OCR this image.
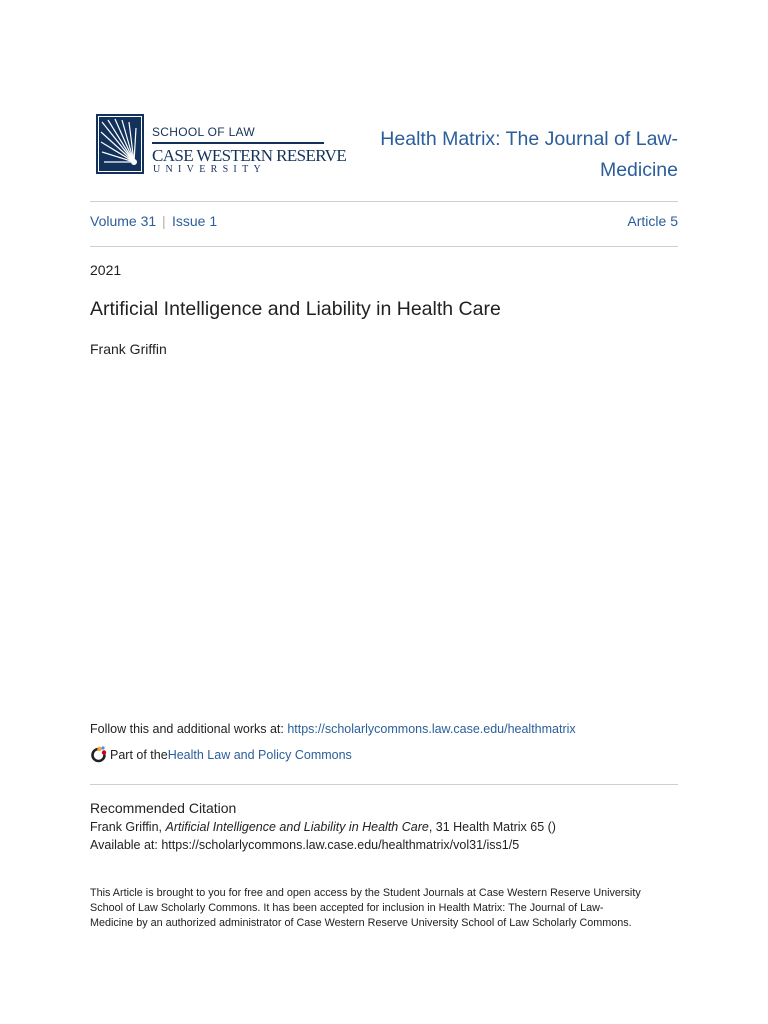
SCHOOL OF LAW
CASE WESTERN RESERVE
UNIVERSITY
Health Matrix: The Journal of Law-
Medicine
Volume 31 | Issue 1	Article 5
2021
Artificial Intelligence and Liability in Health Care
Frank Griffin
Follow this and additional works at: https://scholarlycommons.law.case.edu/healthmatrix
Part of the Health Law and Policy Commons
Recommended Citation
Frank Griffin, Artificial Intelligence and Liability in Health Care, 31 Health Matrix 65 ()
Available at: https://scholarlycommons.law.case.edu/healthmatrix/vol31/iss1/5

This Article is brought to you for free and open access by the Student Journals at Case Western Reserve University

School of Law Scholarly Commons. It has been accepted for inclusion in Health Matrix: The Journal of Law-

Medicine by an authorized administrator of Case Western Reserve University School of Law Scholarly Commons.
